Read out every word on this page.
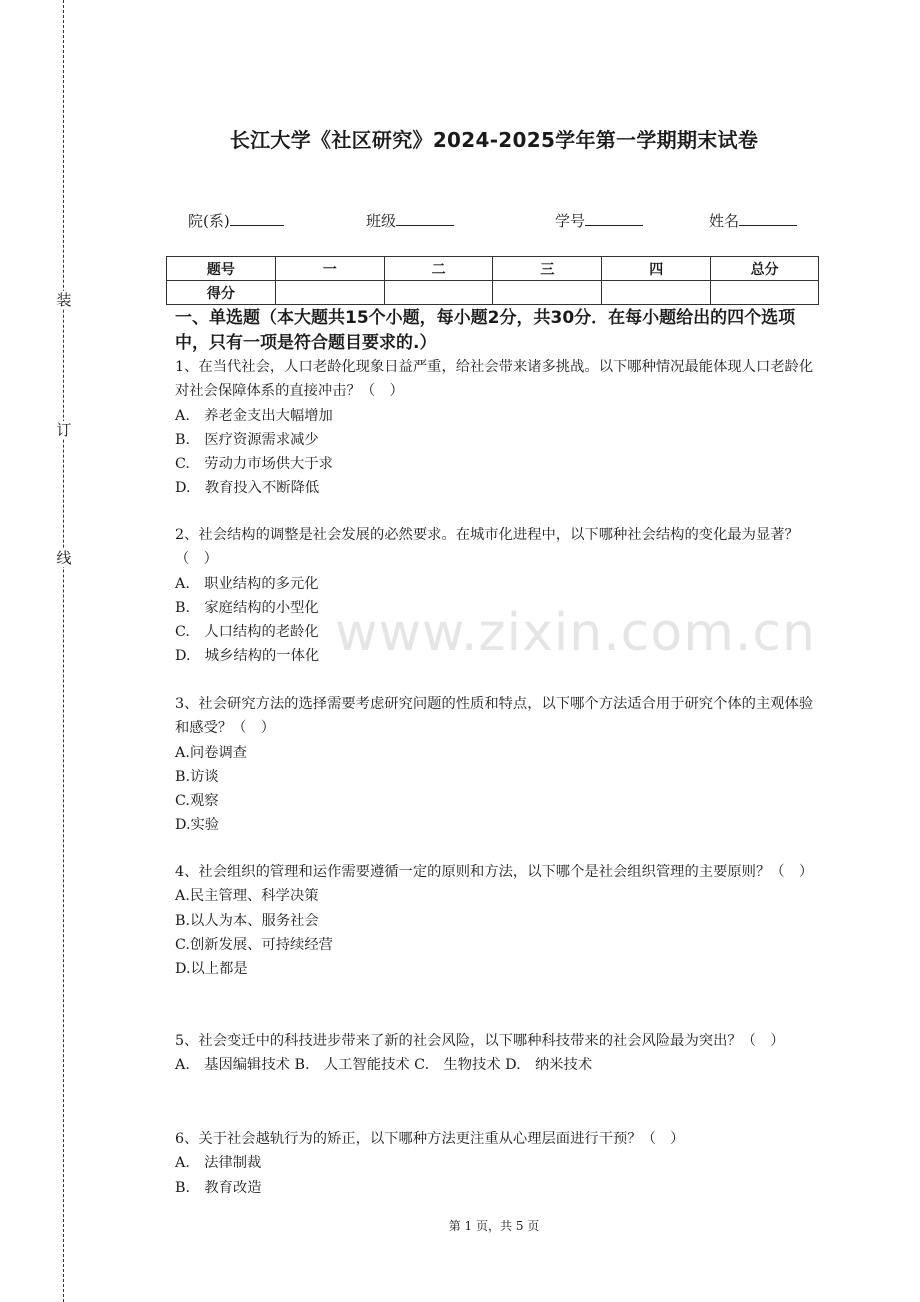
装
订
线
长江大学《社区研究》2024-2025学年第一学期期末试卷
院(系)	班级	学号	姓名
题号	一	二	三	四	总分
得分					
一、单选题（本大题共15个小题，每小题2分，共30分．在每小题给出的四个选项中，只有一项是符合题目要求的.）

1、在当代社会，人口老龄化现象日益严重，给社会带来诸多挑战。以下哪种情况最能体现人口老龄化对社会保障体系的直接冲击？（　）

A.　养老金支出大幅增加

B.　医疗资源需求减少

C.　劳动力市场供大于求

D.　教育投入不断降低

2、社会结构的调整是社会发展的必然要求。在城市化进程中，以下哪种社会结构的变化最为显著？（　）

A.　职业结构的多元化

B.　家庭结构的小型化

C.　人口结构的老龄化

D.　城乡结构的一体化

3、社会研究方法的选择需要考虑研究问题的性质和特点，以下哪个方法适合用于研究个体的主观体验和感受？（　）

A.问卷调查

B.访谈

C.观察

D.实验

4、社会组织的管理和运作需要遵循一定的原则和方法，以下哪个是社会组织管理的主要原则？（　）

A.民主管理、科学决策

B.以人为本、服务社会

C.创新发展、可持续经营

D.以上都是

5、社会变迁中的科技进步带来了新的社会风险，以下哪种科技带来的社会风险最为突出？（　）

A.　基因编辑技术 B.　人工智能技术 C.　生物技术 D.　纳米技术

6、关于社会越轨行为的矫正，以下哪种方法更注重从心理层面进行干预？（　）

A.　法律制裁

B.　教育改造

www.zixin.com.cn
第 1 页，共 5 页
